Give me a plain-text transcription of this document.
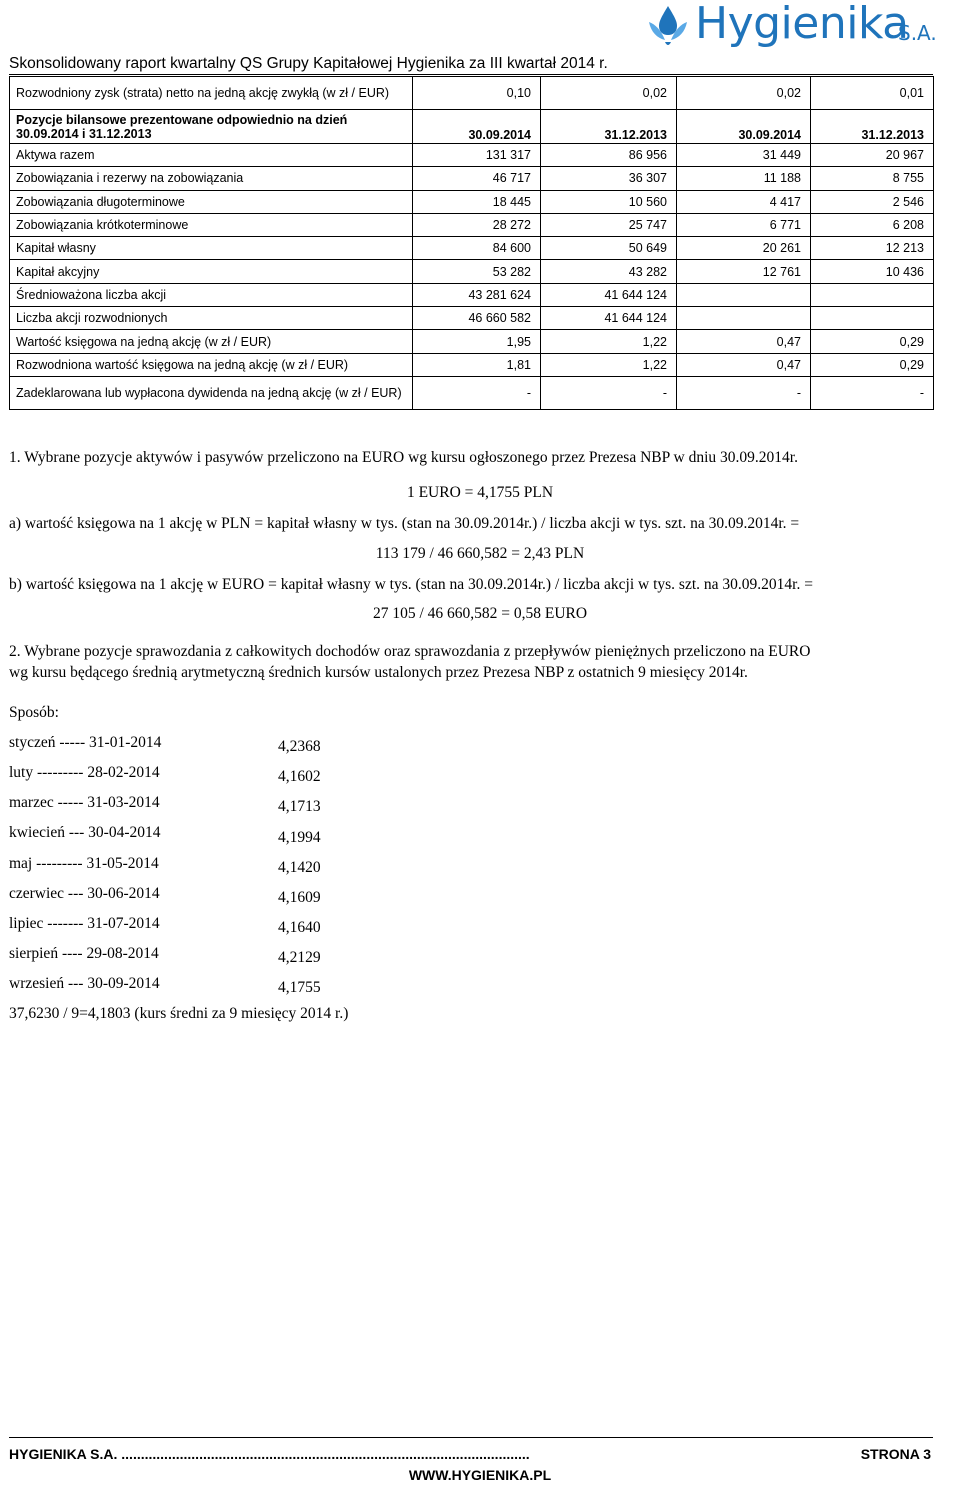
Hygienika
S.A.
Skonsolidowany raport kwartalny QS Grupy Kapitałowej Hygienika za III kwartał 2014 r.
Rozwodniony zysk (strata) netto na jedną akcję zwykłą (w zł / EUR)	0,10	0,02	0,02	0,01
Pozycje bilansowe prezentowane odpowiednio na dzień 30.09.2014 i 31.12.2013	30.09.2014	31.12.2013	30.09.2014	31.12.2013
Aktywa razem	131 317	86 956	31 449	20 967
Zobowiązania i rezerwy na zobowiązania	46 717	36 307	11 188	8 755
Zobowiązania długoterminowe	18 445	10 560	4 417	2 546
Zobowiązania krótkoterminowe	28 272	25 747	6 771	6 208
Kapitał własny	84 600	50 649	20 261	12 213
Kapitał akcyjny	53 282	43 282	12 761	10 436
Średnioważona liczba akcji	43 281 624	41 644 124		
Liczba akcji rozwodnionych	46 660 582	41 644 124		
Wartość księgowa na jedną akcję (w zł / EUR)	1,95	1,22	0,47	0,29
Rozwodniona wartość księgowa na jedną akcję (w zł / EUR)	1,81	1,22	0,47	0,29
Zadeklarowana lub wypłacona dywidenda na jedną akcję (w zł / EUR)	-	-	-	-
1. Wybrane pozycje aktywów i pasywów przeliczono na EURO wg kursu ogłoszonego przez Prezesa NBP w dniu 30.09.2014r.
1 EURO = 4,1755 PLN
a) wartość księgowa na 1 akcję w PLN = kapitał własny w tys. (stan na 30.09.2014r.) / liczba akcji w tys. szt. na 30.09.2014r. =
113 179 / 46 660,582 = 2,43 PLN
b) wartość księgowa na 1 akcję w EURO = kapitał własny w tys. (stan na 30.09.2014r.) / liczba akcji w tys. szt. na 30.09.2014r. =
27 105 / 46 660,582 = 0,58 EURO
2. Wybrane pozycje sprawozdania z całkowitych dochodów oraz sprawozdania z przepływów pieniężnych przeliczono na EURO
wg kursu będącego średnią arytmetyczną średnich kursów ustalonych przez Prezesa NBP z ostatnich 9 miesięcy 2014r.
Sposób:
styczeń ----- 31-01-2014	4,2368
luty --------- 28-02-2014	4,1602
marzec ----- 31-03-2014	4,1713
kwiecień --- 30-04-2014	4,1994
maj --------- 31-05-2014	4,1420
czerwiec --- 30-06-2014	4,1609
lipiec ------- 31-07-2014	4,1640
sierpień ---- 29-08-2014	4,2129
wrzesień --- 30-09-2014	4,1755
37,6230 / 9=4,1803 (kurs średni za 9 miesięcy 2014 r.)
HYGIENIKA S.A. .........................................................................................................	STRONA 3
WWW.HYGIENIKA.PL
